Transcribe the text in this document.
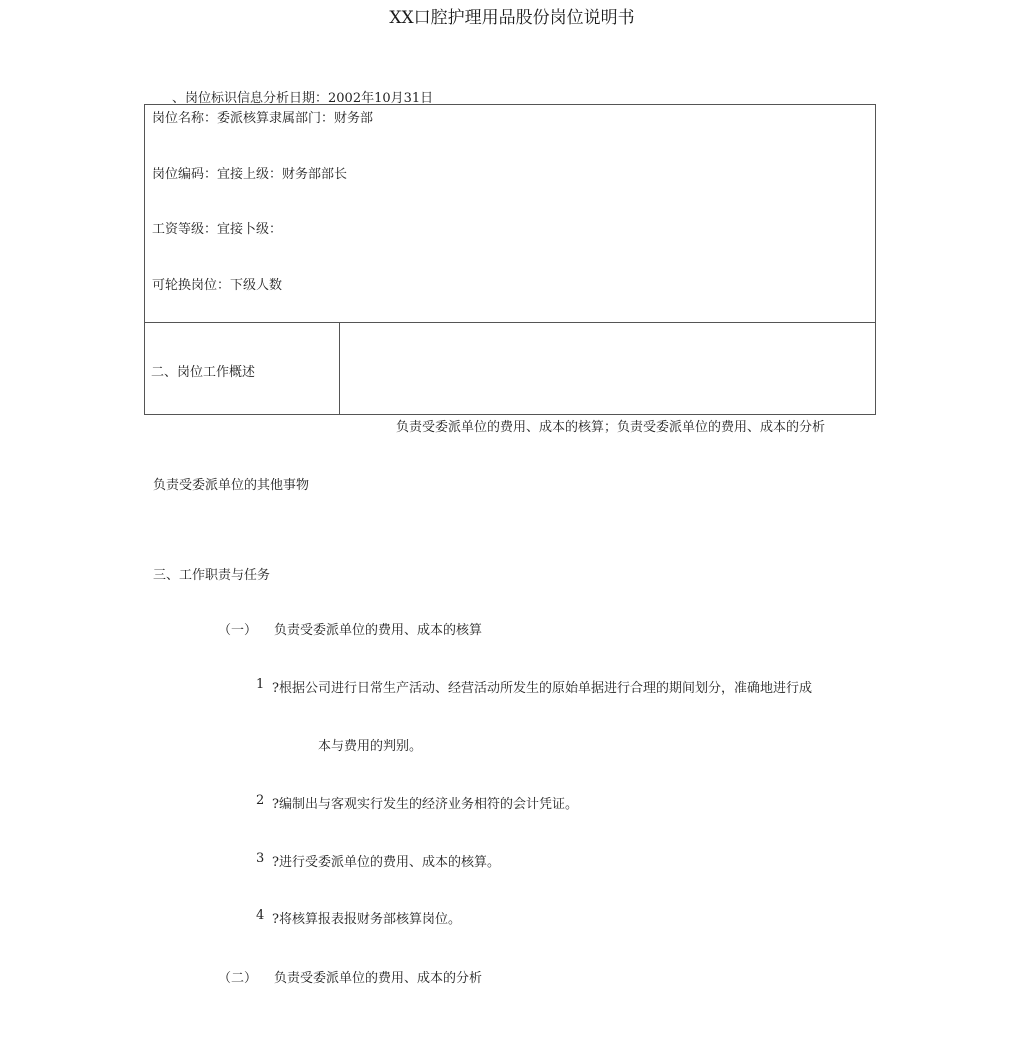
XX口腔护理用品股份岗位说明书
、岗位标识信息分析日期：2002年10月31日
岗位名称：委派核算隶属部门：财务部
岗位编码：宜接上级：财务部部长
工资等级：宜接卜级：
可轮换岗位：下级人数
二、岗位工作概述
负责受委派单位的费用、成本的核算；负责受委派单位的费用、成本的分析
负责受委派单位的其他事物
三、工作职责与任务
（一） 负责受委派单位的费用、成本的核算
1 ?根据公司进行日常生产活动、经营活动所发生的原始单据进行合理的期间划分，准确地进行成
本与费用的判别。
2 ?编制出与客观实行发生的经济业务相符的会计凭证。
3 ?进行受委派单位的费用、成本的核算。
4 ?将核算报表报财务部核算岗位。
（二） 负责受委派单位的费用、成本的分析
